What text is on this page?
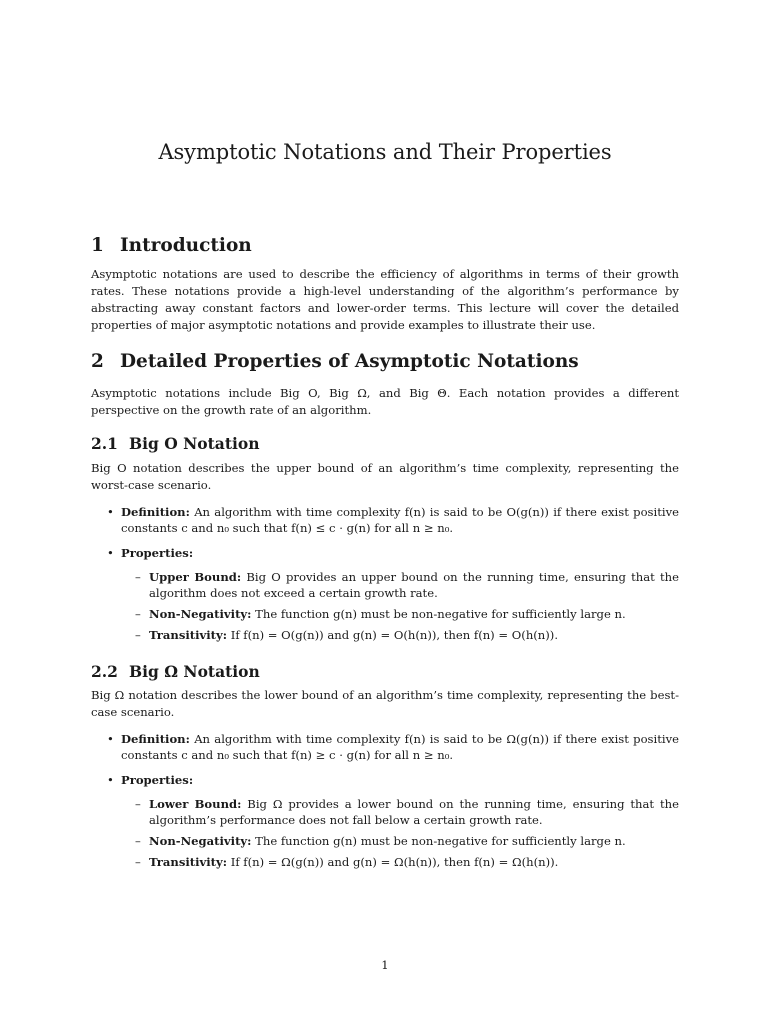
Asymptotic Notations and Their Properties
1 Introduction

Asymptotic notations are used to describe the efficiency of algorithms in terms of their growth rates. These notations provide a high-level understanding of the algorithm’s performance by abstracting away constant factors and lower-order terms. This lecture will cover the detailed properties of major asymptotic notations and provide examples to illustrate their use.

2 Detailed Properties of Asymptotic Notations

Asymptotic notations include Big O, Big Ω, and Big Θ. Each notation provides a different perspective on the growth rate of an algorithm.

2.1 Big O Notation

Big O notation describes the upper bound of an algorithm’s time complexity, representing the worst-case scenario.

• Definition: An algorithm with time complexity f(n) is said to be O(g(n)) if there exist positive constants c and n₀ such that f(n) ≤ c · g(n) for all n ≥ n₀.
• Properties:
– Upper Bound: Big O provides an upper bound on the running time, ensuring that the algorithm does not exceed a certain growth rate.
– Non-Negativity: The function g(n) must be non-negative for sufficiently large n.
– Transitivity: If f(n) = O(g(n)) and g(n) = O(h(n)), then f(n) = O(h(n)).
2.2 Big Ω Notation

Big Ω notation describes the lower bound of an algorithm’s time complexity, representing the best-case scenario.

• Definition: An algorithm with time complexity f(n) is said to be Ω(g(n)) if there exist positive constants c and n₀ such that f(n) ≥ c · g(n) for all n ≥ n₀.
• Properties:
– Lower Bound: Big Ω provides a lower bound on the running time, ensuring that the algorithm’s performance does not fall below a certain growth rate.
– Non-Negativity: The function g(n) must be non-negative for sufficiently large n.
– Transitivity: If f(n) = Ω(g(n)) and g(n) = Ω(h(n)), then f(n) = Ω(h(n)).
1
